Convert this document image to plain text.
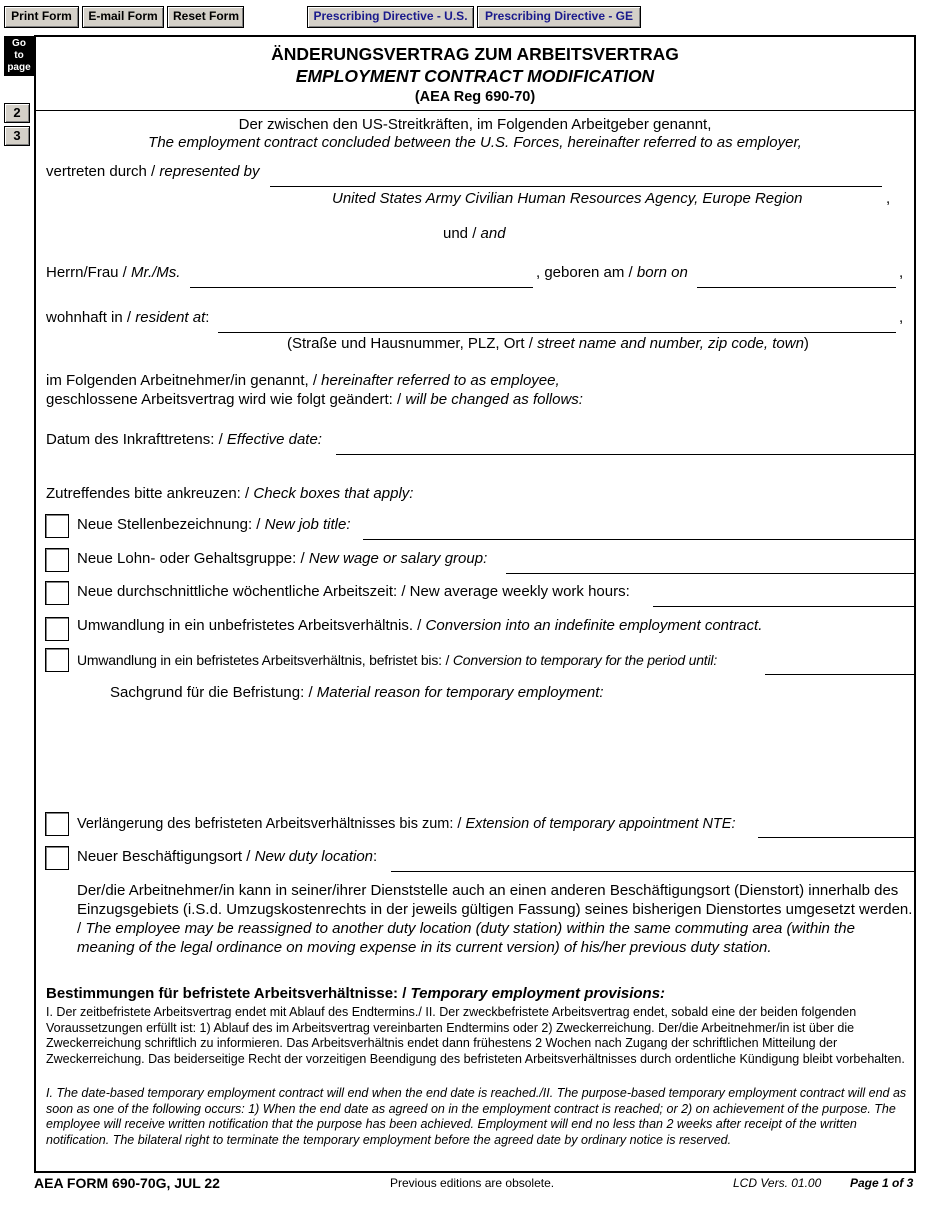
Print Form	E-mail Form	Reset Form	Prescribing Directive - U.S.	Prescribing Directive - GE
Go
to
page
2
3
ÄNDERUNGSVERTRAG ZUM ARBEITSVERTRAG
EMPLOYMENT CONTRACT MODIFICATION
(AEA Reg 690-70)
Der zwischen den US-Streitkräften, im Folgenden Arbeitgeber genannt,
The employment contract concluded between the U.S. Forces, hereinafter referred to as employer,
vertreten durch / represented by
United States Army Civilian Human Resources Agency, Europe Region	,
und / and
Herrn/Frau / Mr./Ms.	, geboren am / born on	,
wohnhaft in / resident at:	,
(Straße und Hausnummer, PLZ, Ort / street name and number, zip code, town)
im Folgenden Arbeitnehmer/in genannt, / hereinafter referred to as employee,
geschlossene Arbeitsvertrag wird wie folgt geändert: / will be changed as follows:
Datum des Inkrafttretens: / Effective date:
Zutreffendes bitte ankreuzen: / Check boxes that apply:
Neue Stellenbezeichnung: / New job title:
Neue Lohn- oder Gehaltsgruppe: / New wage or salary group:
Neue durchschnittliche wöchentliche Arbeitszeit: / New average weekly work hours:
Umwandlung in ein unbefristetes Arbeitsverhältnis. / Conversion into an indefinite employment contract.
Umwandlung in ein befristetes Arbeitsverhältnis, befristet bis: / Conversion to temporary for the period until:
Sachgrund für die Befristung: / Material reason for temporary employment:
Verlängerung des befristeten Arbeitsverhältnisses bis zum: / Extension of temporary appointment NTE:
Neuer Beschäftigungsort / New duty location:
Der/die Arbeitnehmer/in kann in seiner/ihrer Dienststelle auch an einen anderen Beschäftigungsort (Dienstort) innerhalb des Einzugsgebiets (i.S.d. Umzugskostenrechts in der jeweils gültigen Fassung) seines bisherigen Dienstortes umgesetzt werden. / The employee may be reassigned to another duty location (duty station) within the same commuting area (within the meaning of the legal ordinance on moving expense in its current version) of his/her previous duty station.
Bestimmungen für befristete Arbeitsverhältnisse: / Temporary employment provisions:
I. Der zeitbefristete Arbeitsvertrag endet mit Ablauf des Endtermins./ II. Der zweckbefristete Arbeitsvertrag endet, sobald eine der beiden folgenden Voraussetzungen erfüllt ist: 1) Ablauf des im Arbeitsvertrag vereinbarten Endtermins oder 2) Zweckerreichung. Der/die Arbeitnehmer/in ist über die Zweckerreichung schriftlich zu informieren. Das Arbeitsverhältnis endet dann frühestens 2 Wochen nach Zugang der schriftlichen Mitteilung der Zweckerreichung. Das beiderseitige Recht der vorzeitigen Beendigung des befristeten Arbeitsverhältnisses durch ordentliche Kündigung bleibt vorbehalten.
I. The date-based temporary employment contract will end when the end date is reached./II. The purpose-based temporary employment contract will end as soon as one of the following occurs: 1) When the end date as agreed on in the employment contract is reached; or 2) on achievement of the purpose. The employee will receive written notification that the purpose has been achieved. Employment will end no less than 2 weeks after receipt of the written notification. The bilateral right to terminate the temporary employment before the agreed date by ordinary notice is reserved.
AEA FORM 690-70G, JUL 22	Previous editions are obsolete.	LCD Vers. 01.00 Page 1 of 3
